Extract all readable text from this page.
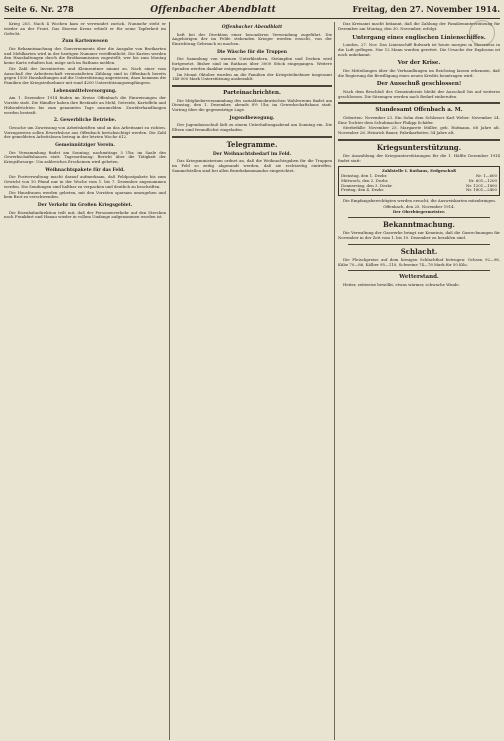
Seite 6. Nr. 278	Offenbacher Abendblatt	Freitag, den 27. November 1914.

Krieg 203. Nach 4 Wochen kam er verwundet zurück. Nunmehr steht er wieder an der Front. Das Eiserne Kreuz erhielt er für seine Tapferkeit im Gefecht.

Zum Kartenwesen

Die Bekanntmachung des Gouvernements über die Ausgabe von Brotkarten und Mehlkarten wird in der heutigen Nummer veröffentlicht. Die Karten werden den Haushaltungen durch die Brotkommission zugestellt; wer bis zum Montag keine Karte erhalten hat, möge sich im Rathaus melden.

Die Zahl der Inventierten und Kleinrentner nimmt zu. Nach einer vom Ausschuß der Arbeiterschaft veranstalteten Zählung sind in Offenbach bereits gegen 1500 Haushaltungen auf die Unterstützung angewiesen; dazu kommen die Familien der Kriegsteilnehmer mit rund 4200 Unterstützungsempfängern.

Lebensmittelversorgung.

Am 1. Dezember 1914 finden im Kreise Offenbach die Einweisungen der Vorräte statt. Die Händler haben ihre Bestände an Mehl, Getreide, Kartoffeln und Hülsenfrüchten bis zum genannten Tage anzumelden. Zuwiderhandlungen werden bestraft.

2. Gewerbliche Betriebe.

Gesuche um Zuweisung von Arbeitskräften sind an das Arbeitsamt zu richten. Vorzugsweise sollen Erwerbslose aus Offenbach berücksichtigt werden. Die Zahl der gemeldeten Arbeitslosen betrug in der letzten Woche 612.

Gemeinnütziger Verein.

Die Versammlung findet am Sonntag, nachmittags 3 Uhr, im Saale des Gewerkschaftshauses statt. Tagesordnung: Bericht über die Tätigkeit der Kriegsfürsorge. Um zahlreiches Erscheinen wird gebeten.

Weihnachtspakete für das Feld.

Die Postverwaltung macht darauf aufmerksam, daß Feldpostpakete bis zum Gewicht von 10 Pfund nur in der Woche vom 1. bis 7. Dezember angenommen werden. Die Sendungen sind haltbar zu verpacken und deutlich zu beschriften.

Die Hausfrauen werden gebeten, mit den Vorräten sparsam umzugehen und kein Brot zu verschwenden.

Der Verkehr im Großen Kriegsgebiet.

Die Eisenbahndirektion teilt mit, daß der Personenverkehr auf den Strecken nach Frankfurt und Hanau wieder in vollem Umfange aufgenommen worden ist.

Offenbacher Abendblatt

heft bei der Direktion einer besonderen Verwendung zugeführt. Die Angehörigen der im Felde stehenden Krieger werden ersucht, von der Einrichtung Gebrauch zu machen.

Die Wäsche für die Truppen

Die Sammlung von warmen Unterkleidern, Strümpfen und Decken wird fortgesetzt. Bisher sind im Rathaus über 3000 Stück eingegangen. Weitere Spenden werden dankbar entgegengenommen.

Im Monat Oktober wurden an die Familien der Kriegsteilnehmer insgesamt 148 000 Mark Unterstützung ausbezahlt.

Parteinachrichten.

Die Mitgliederversammlung des sozialdemokratischen Wahlvereins findet am Dienstag, den 1. Dezember, abends 8½ Uhr, im Gewerkschaftshaus statt. Vortrag über die gegenwärtige Lage.

Jugendbewegung.

Der Jugendausschuß lädt zu einem Unterhaltungsabend am Sonntag ein. Die Eltern sind freundlichst eingeladen.

Telegramme.
Der Weihnachtsbedarf im Feld.

Das Kriegsministerium ordnet an, daß die Weihnachtsgaben für die Truppen im Feld so zeitig abgesandt werden, daß sie rechtzeitig eintreffen. Sammelstellen sind bei allen Bezirkskommandos eingerichtet.

Das Kreisamt macht bekannt, daß die Zahlung der Familienunterstützung für Dezember am Montag, den 30. November, erfolgt.

Untergang eines englischen Linienschiffes.

London, 27. Nov. Das Linienschiff Bulwark ist heute morgen in Sheerness in die Luft geflogen. Nur 12 Mann wurden gerettet. Die Ursache der Explosion ist noch unbekannt.

Vor der Krise.

Die Mitteilungen über die Verhandlungen im Reichstag lassen erkennen, daß die Regierung die Bewilligung eines neuen Kredits beantragen wird.

Der Ausschuß geschlossen!

Nach dem Beschluß des Gemeinderats bleibt der Ausschuß bis auf weiteres geschlossen. Die Sitzungen werden nach Bedarf einberufen.

Standesamt Offenbach a. M.

Geburten: November 23. Ein Sohn dem Schlosser Karl Weber. November 24. Eine Tochter dem Schuhmacher Philipp Schäfer.

Sterbefälle: November 25. Margarete Müller, geb. Hofmann, 68 Jahre alt. November 26. Heinrich Bauer, Fabrikarbeiter, 54 Jahre alt.

Kriegsunterstützung.

Die Auszahlung der Kriegsunterstützungen für die 1. Hälfte Dezember 1914 findet statt:

Zahlstelle I. Rathaus, Erdgeschoß
Dienstag, den 1. Dezbr.	Nr. 1—600
Mittwoch, den 2. Dezbr.	Nr. 601—1200
Donnerstag, den 3. Dezbr.	Nr. 1201—1800
Freitag, den 4. Dezbr.	Nr. 1801—2400

Die Empfangsberechtigten werden ersucht, die Ausweiskarten mitzubringen.

Offenbach, den 25. November 1914.
Der Oberbürgermeister.
Bekanntmachung.

Die Verwaltung der Gaswerke bringt zur Kenntnis, daß die Gasrechnungen für November in der Zeit vom 1. bis 10. Dezember zu bezahlen sind.

Schlacht.

Die Fleischpreise auf dem hiesigen Schlachthof betrugen: Ochsen 92—98, Kühe 70—86, Kälber 95—110, Schweine 74—78 Mark für 50 Kilo.

Wetterstand.

Heiter, zeitweise bewölkt, etwas wärmer, schwache Winde.
